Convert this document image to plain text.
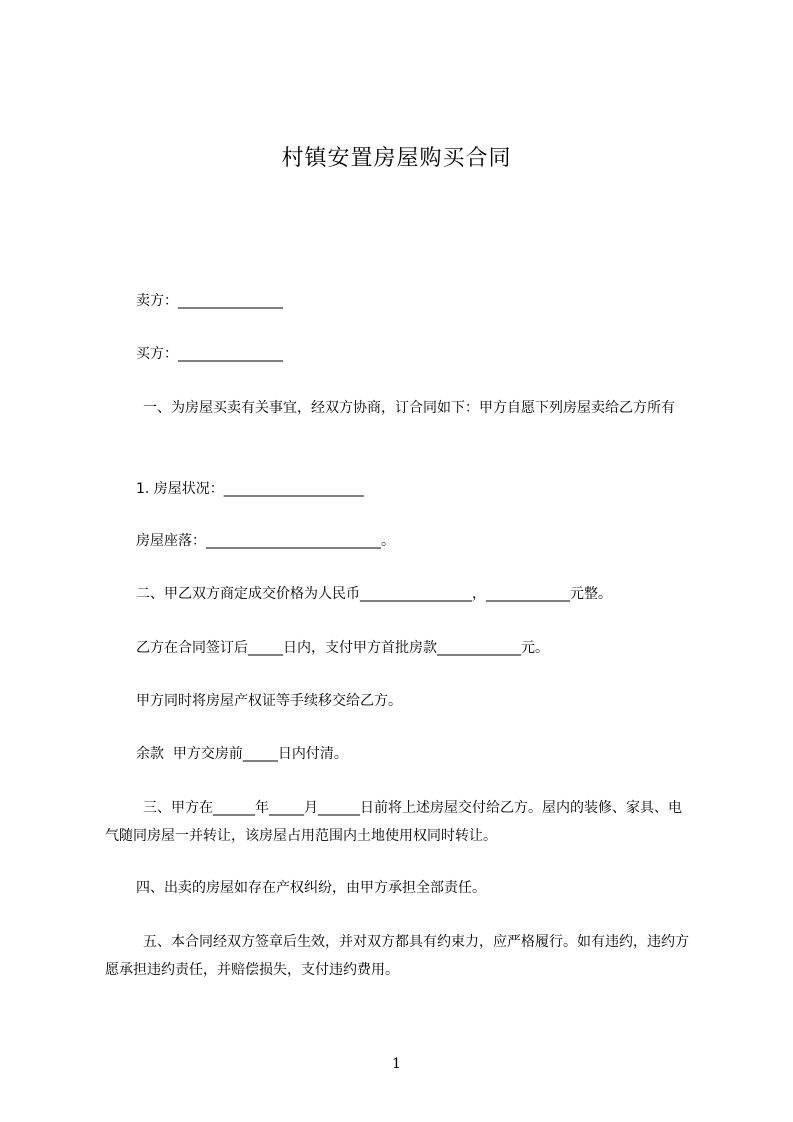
村镇安置房屋购买合同
卖方：_______________
买方：_______________
一、为房屋买卖有关事宜，经双方协商，订合同如下：甲方自愿下列房屋卖给乙方所有
1. 房屋状况：____________________
房屋座落：_________________________。
二、甲乙双方商定成交价格为人民币________________，____________元整。
乙方在合同签订后_____日内，支付甲方首批房款____________元。
甲方同时将房屋产权证等手续移交给乙方。
余款  甲方交房前_____日内付清。
三、甲方在______年_____月______日前将上述房屋交付给乙方。屋内的装修、家具、电气随同房屋一并转让，该房屋占用范围内土地使用权同时转让。
四、出卖的房屋如存在产权纠纷，由甲方承担全部责任。
五、本合同经双方签章后生效，并对双方都具有约束力，应严格履行。如有违约，违约方愿承担违约责任，并赔偿损失，支付违约费用。
1
